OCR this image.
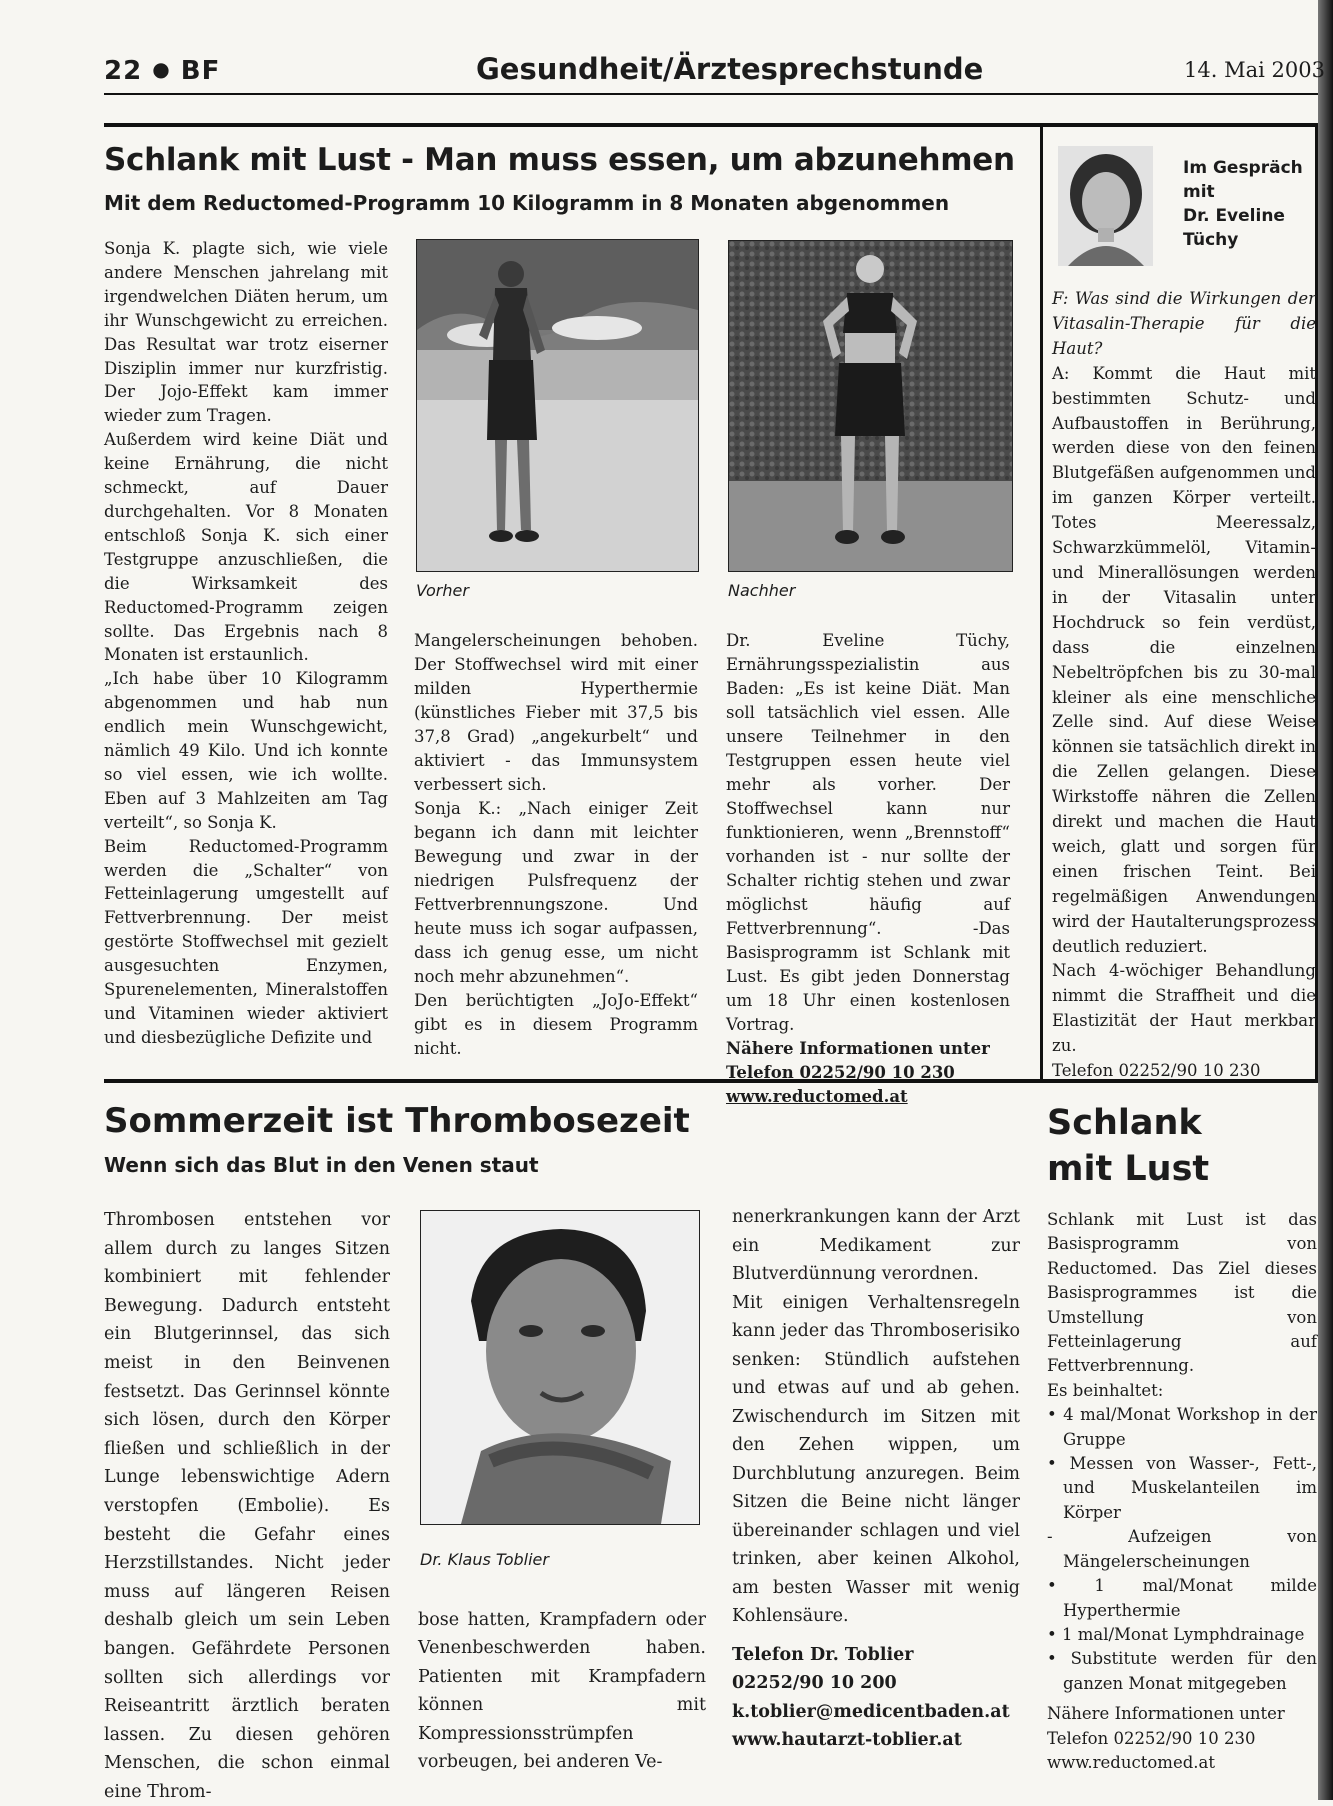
22 ● BF	Gesundheit/Ärztesprechstunde	14. Mai 2003
Schlank mit Lust - Man muss essen, um abzunehmen
Mit dem Reductomed-Programm 10 Kilogramm in 8 Monaten abgenommen

Sonja K. plagte sich, wie viele andere Menschen jahrelang mit irgendwelchen Diäten herum, um ihr Wunschgewicht zu erreichen. Das Resultat war trotz eiserner Disziplin immer nur kurzfristig. Der Jojo-Effekt kam immer wieder zum Tragen.

Außerdem wird keine Diät und keine Ernährung, die nicht schmeckt, auf Dauer durchgehalten. Vor 8 Monaten entschloß Sonja K. sich einer Testgruppe anzuschließen, die die Wirksamkeit des Reductomed-Programm zeigen sollte. Das Ergebnis nach 8 Monaten ist erstaunlich.

„Ich habe über 10 Kilogramm abgenommen und hab nun endlich mein Wunschgewicht, nämlich 49 Kilo. Und ich konnte so viel essen, wie ich wollte. Eben auf 3 Mahlzeiten am Tag verteilt“, so Sonja K.

Beim Reductomed-Programm werden die „Schalter“ von Fetteinlagerung umgestellt auf Fettverbrennung. Der meist gestörte Stoffwechsel mit gezielt ausgesuchten Enzymen, Spurenelementen, Mineralstoffen und Vitaminen wieder aktiviert und diesbezügliche Defizite und

Vorher	Nachher

Mangelerscheinungen behoben. Der Stoffwechsel wird mit einer milden Hyperthermie (künstliches Fieber mit 37,5 bis 37,8 Grad) „angekurbelt“ und aktiviert - das Immunsystem verbessert sich.

Sonja K.: „Nach einiger Zeit begann ich dann mit leichter Bewegung und zwar in der niedrigen Pulsfrequenz der Fettverbrennungszone. Und heute muss ich sogar aufpassen, dass ich genug esse, um nicht noch mehr abzunehmen“.

Den berüchtigten „JoJo-Effekt“ gibt es in diesem Programm nicht.

Dr. Eveline Tüchy, Ernährungsspezialistin aus Baden: „Es ist keine Diät. Man soll tatsächlich viel essen. Alle unsere Teilnehmer in den Testgruppen essen heute viel mehr als vorher. Der Stoffwechsel kann nur funktionieren, wenn „Brennstoff“ vorhanden ist - nur sollte der Schalter richtig stehen und zwar möglichst häufig auf Fettverbrennung“. -Das Basisprogramm ist Schlank mit Lust. Es gibt jeden Donnerstag um 18 Uhr einen kostenlosen Vortrag.

Nähere Informationen unter

Telefon 02252/90 10 230

www.reductomed.at

Im Gespräch
mit
Dr. Eveline
Tüchy

F: Was sind die Wirkungen der Vitasalin-Therapie für die Haut?

A: Kommt die Haut mit bestimmten Schutz- und Aufbaustoffen in Berührung, werden diese von den feinen Blutgefäßen aufgenommen und im ganzen Körper verteilt. Totes Meeressalz, Schwarzkümmelöl, Vitamin- und Minerallösungen werden in der Vitasalin unter Hochdruck so fein verdüst, dass die einzelnen Nebeltröpfchen bis zu 30-mal kleiner als eine menschliche Zelle sind. Auf diese Weise können sie tatsächlich direkt in die Zellen gelangen. Diese Wirkstoffe nähren die Zellen direkt und machen die Haut weich, glatt und sorgen für einen frischen Teint. Bei regelmäßigen Anwendungen wird der Hautalterungsprozess deutlich reduziert.

Nach 4-wöchiger Behandlung nimmt die Straffheit und die Elastizität der Haut merkbar zu.

Telefon 02252/90 10 230

Sommerzeit ist Thrombosezeit
Wenn sich das Blut in den Venen staut

Thrombosen entstehen vor allem durch zu langes Sitzen kombiniert mit fehlender Bewegung. Dadurch entsteht ein Blutgerinnsel, das sich meist in den Beinvenen festsetzt. Das Gerinnsel könnte sich lösen, durch den Körper fließen und schließlich in der Lunge lebenswichtige Adern verstopfen (Embolie). Es besteht die Gefahr eines Herzstillstandes. Nicht jeder muss auf längeren Reisen deshalb gleich um sein Leben bangen. Gefährdete Personen sollten sich allerdings vor Reiseantritt ärztlich beraten lassen. Zu diesen gehören Menschen, die schon einmal eine Throm-

Dr. Klaus Toblier

bose hatten, Krampfadern oder Venenbeschwerden haben. Patienten mit Krampfadern können mit Kompressionsstrümpfen vorbeugen, bei anderen Ve-

nenerkrankungen kann der Arzt ein Medikament zur Blutverdünnung verordnen.

Mit einigen Verhaltensregeln kann jeder das Thromboserisiko senken: Stündlich aufstehen und etwas auf und ab gehen. Zwischendurch im Sitzen mit den Zehen wippen, um Durchblutung anzuregen. Beim Sitzen die Beine nicht länger übereinander schlagen und viel trinken, aber keinen Alkohol, am besten Wasser mit wenig Kohlensäure.

Telefon Dr. Toblier

02252/90 10 200

k.toblier@medicentbaden.at

www.hautarzt-toblier.at

Schlank mit Lust

Schlank mit Lust ist das Basisprogramm von Reductomed. Das Ziel dieses Basisprogrammes ist die Umstellung von Fetteinlagerung auf Fettverbrennung.

Es beinhaltet:

• 4 mal/Monat Workshop in der Gruppe

• Messen von Wasser-, Fett-, und Muskelanteilen im Körper

- Aufzeigen von Mängelerscheinungen

• 1 mal/Monat milde Hyperthermie

• 1 mal/Monat Lymphdrainage

• Substitute werden für den ganzen Monat mitgegeben

Nähere Informationen unter

Telefon 02252/90 10 230

www.reductomed.at
